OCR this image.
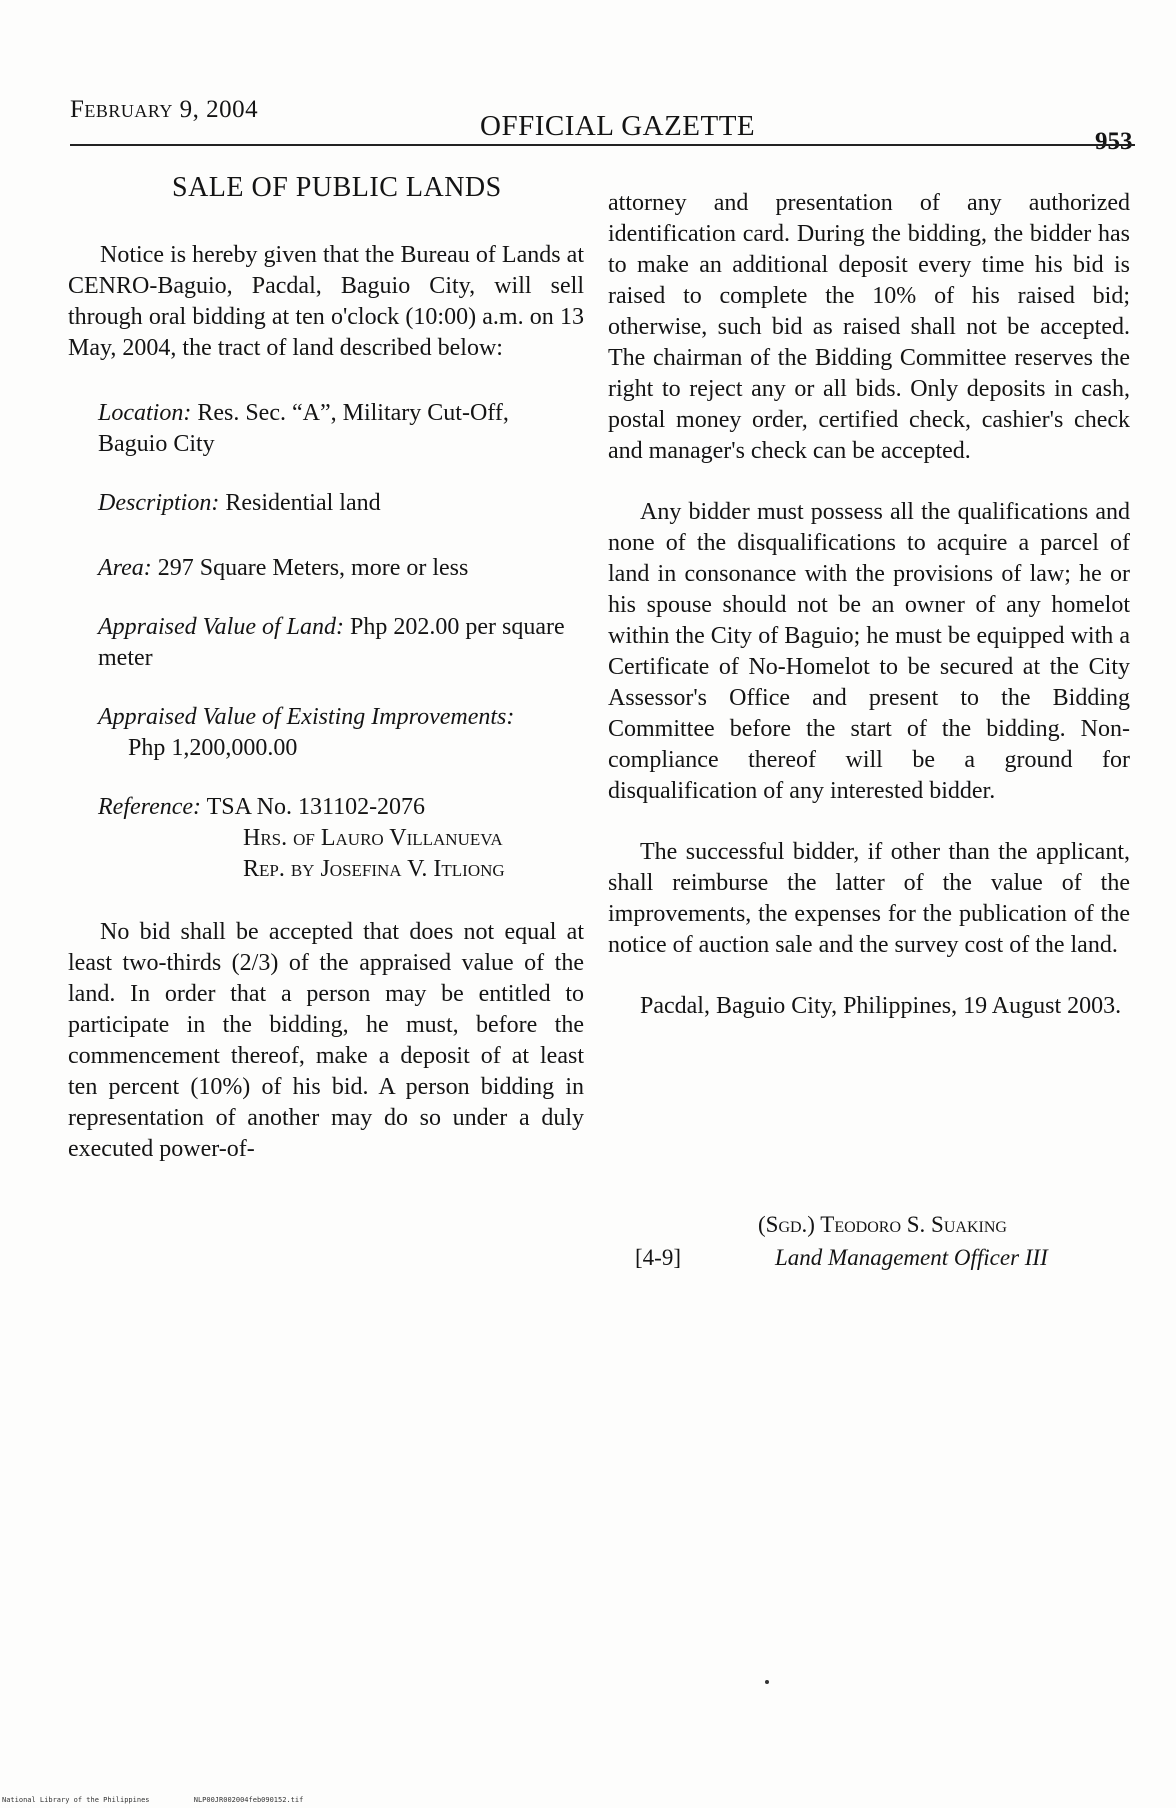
February 9, 2004
OFFICIAL GAZETTE	953
SALE OF PUBLIC LANDS

Notice is hereby given that the Bureau of Lands at CENRO-Baguio, Pacdal, Baguio City, will sell through oral bidding at ten o'clock (10:00) a.m. on 13 May, 2004, the tract of land described below:

Location: Res. Sec. “A”, Military Cut-Off, Baguio City
Description: Residential land
Area: 297 Square Meters, more or less
Appraised Value of Land: Php 202.00 per square meter
Appraised Value of Existing Improvements:
Php 1,200,000.00
Reference: TSA No. 131102-2076
Hrs. of Lauro Villanueva
Rep. by Josefina V. Itliong

No bid shall be accepted that does not equal at least two-thirds (2/3) of the appraised value of the land. In order that a person may be entitled to participate in the bidding, he must, before the commencement thereof, make a deposit of at least ten percent (10%) of his bid. A person bidding in representation of another may do so under a duly executed power-of-

attorney and presentation of any authorized identification card. During the bidding, the bidder has to make an additional deposit every time his bid is raised to complete the 10% of his raised bid; otherwise, such bid as raised shall not be accepted. The chairman of the Bidding Committee reserves the right to reject any or all bids. Only deposits in cash, postal money order, certified check, cashier's check and manager's check can be accepted.

Any bidder must possess all the qualifications and none of the disqualifications to acquire a parcel of land in consonance with the provisions of law; he or his spouse should not be an owner of any homelot within the City of Baguio; he must be equipped with a Certificate of No-Homelot to be secured at the City Assessor's Office and present to the Bidding Committee before the start of the bidding. Non-compliance thereof will be a ground for disqualification of any interested bidder.

The successful bidder, if other than the applicant, shall reimburse the latter of the value of the improvements, the expenses for the publication of the notice of auction sale and the survey cost of the land.

Pacdal, Baguio City, Philippines, 19 August 2003.

(Sgd.) Teodoro S. Suaking
[4-9]	Land Management Officer III
National Library of the Philippines	NLP00JR002004feb090152.tif
